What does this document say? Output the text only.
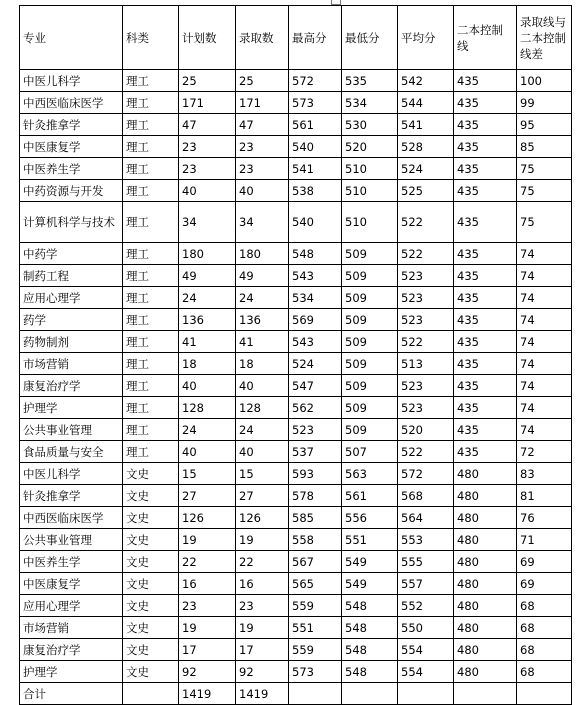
专业	科类	计划数	录取数	最高分	最低分	平均分	二本控制线	录取线与二本控制线差
中医儿科学	理工	25	25	572	535	542	435	100
中西医临床医学	理工	171	171	573	534	544	435	99
针灸推拿学	理工	47	47	561	530	541	435	95
中医康复学	理工	23	23	540	520	528	435	85
中医养生学	理工	23	23	541	510	524	435	75
中药资源与开发	理工	40	40	538	510	525	435	75
计算机科学与技术	理工	34	34	540	510	522	435	75
中药学	理工	180	180	548	509	522	435	74
制药工程	理工	49	49	543	509	523	435	74
应用心理学	理工	24	24	534	509	523	435	74
药学	理工	136	136	569	509	523	435	74
药物制剂	理工	41	41	543	509	522	435	74
市场营销	理工	18	18	524	509	513	435	74
康复治疗学	理工	40	40	547	509	523	435	74
护理学	理工	128	128	562	509	523	435	74
公共事业管理	理工	24	24	523	509	520	435	74
食品质量与安全	理工	40	40	537	507	522	435	72
中医儿科学	文史	15	15	593	563	572	480	83
针灸推拿学	文史	27	27	578	561	568	480	81
中西医临床医学	文史	126	126	585	556	564	480	76
公共事业管理	文史	19	19	558	551	553	480	71
中医养生学	文史	22	22	567	549	555	480	69
中医康复学	文史	16	16	565	549	557	480	69
应用心理学	文史	23	23	559	548	552	480	68
市场营销	文史	19	19	551	548	550	480	68
康复治疗学	文史	17	17	559	548	554	480	68
护理学	文史	92	92	573	548	554	480	68
合计		1419	1419					
